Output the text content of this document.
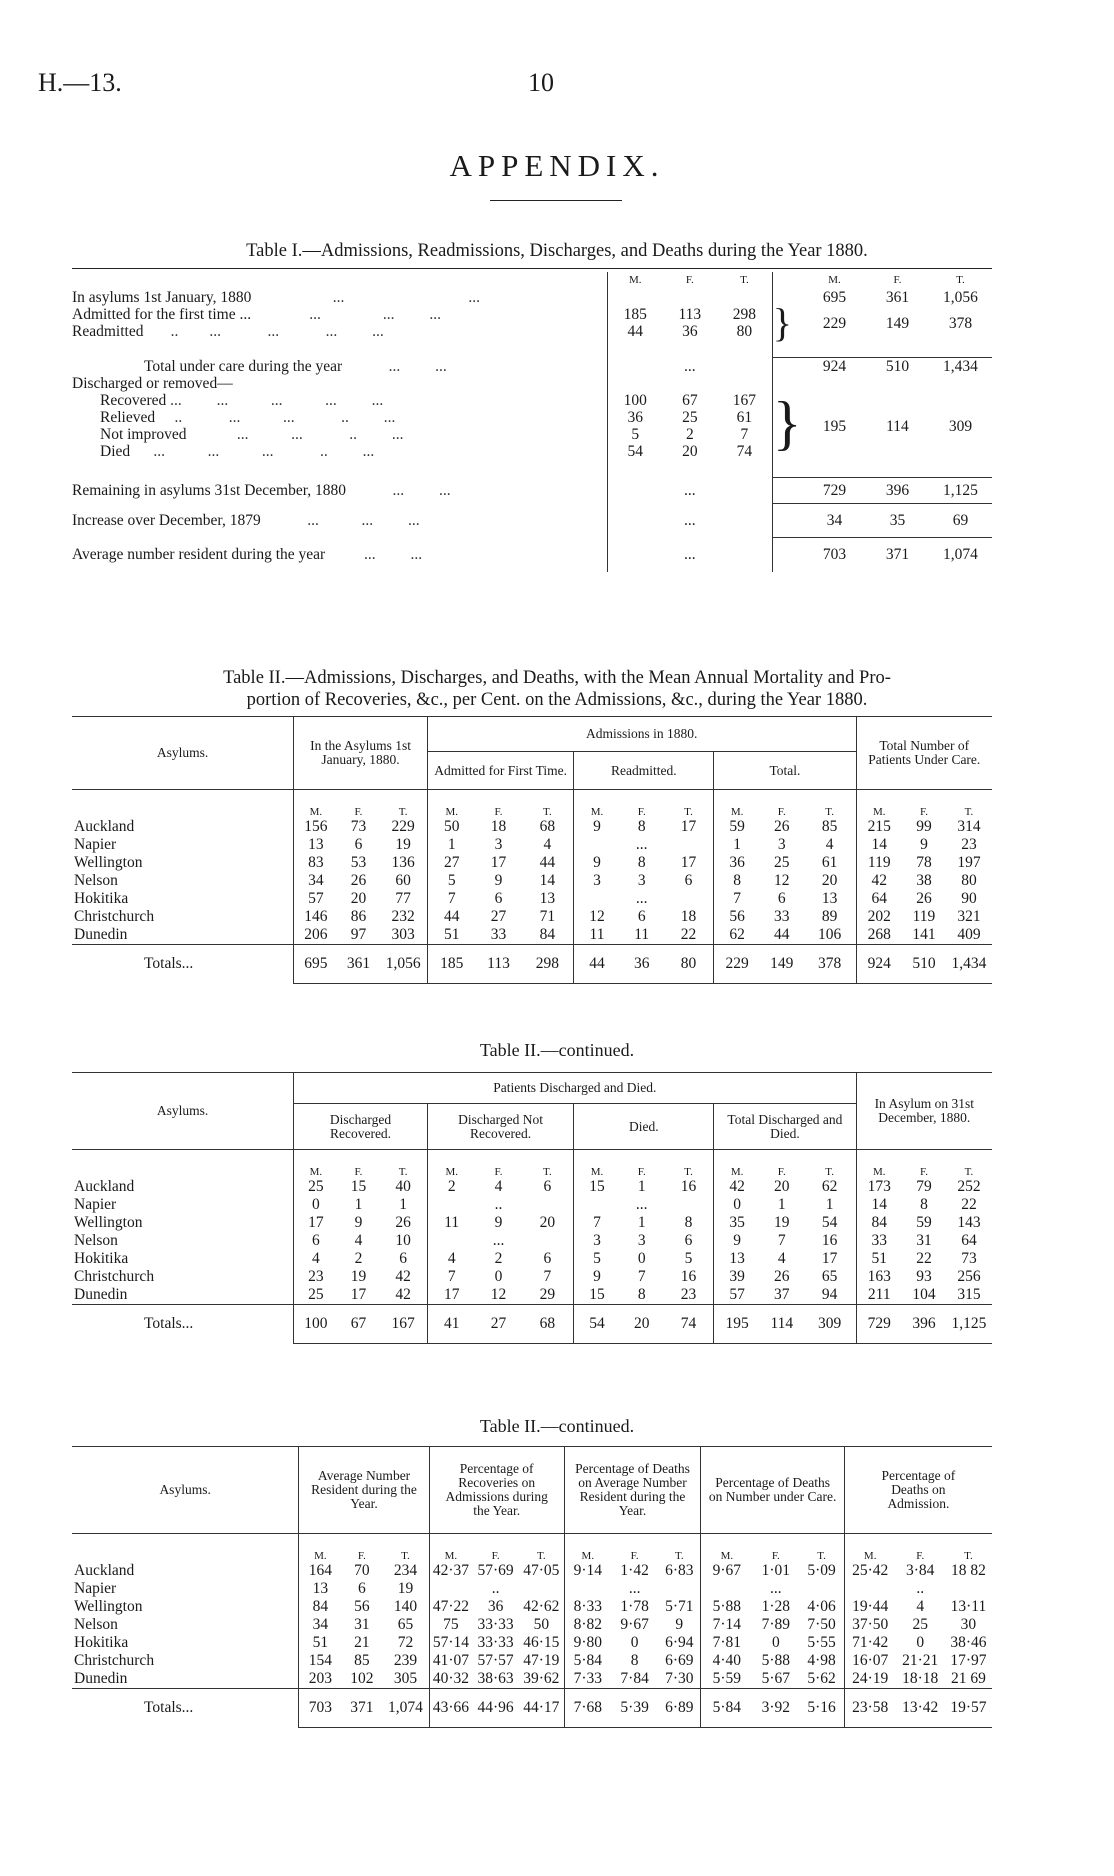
H.—13.	10
APPENDIX.
Table I.—Admissions, Readmissions, Discharges, and Deaths during the Year 1880.
	M.	F.	T.		M.	F.	T.
In asylums 1st January, 1880                     ...                                ...					695	361	1,056
Admitted for the first time ...               ...                ...         ...	185	113	298	}	229	149	378
Readmitted       ..        ...            ...            ...         ...	44	36	80				

Total under care during the year            ...         ...		...			924	510	1,434
Discharged or removed—							
Recovered ...         ...           ...           ...         ...	100	67	167	}	195	114	309
Relieved     ..            ...           ...            ..         ...	36	25	61				
Not improved             ...           ...            ..         ...	5	2	7				
Died      ...           ...           ...            ..         ...	54	20	74				

Remaining in asylums 31st December, 1880            ...         ...		...			729	396	1,125
Increase over December, 1879            ...           ...         ...		...			34	35	69
Average number resident during the year          ...         ...		...			703	371	1,074
Table II.—Admissions, Discharges, and Deaths, with the Mean Annual Mortality and Pro-
portion of Recoveries, &c., per Cent. on the Admissions, &c., during the Year 1880.
Asylums.	In the Asylums 1st January, 1880.			Admissions in 1880.									Total Number of Patients Under Care.		
				Admitted for First Time.			Readmitted.			Total.					
	M.	F.	T.	M.	F.	T.	M.	F.	T.	M.	F.	T.	M.	F.	T.
Auckland	156	73	229	50	18	68	9	8	17	59	26	85	215	99	314
Napier	13	6	19	1	3	4		...		1	3	4	14	9	23
Wellington	83	53	136	27	17	44	9	8	17	36	25	61	119	78	197
Nelson	34	26	60	5	9	14	3	3	6	8	12	20	42	38	80
Hokitika	57	20	77	7	6	13		...		7	6	13	64	26	90
Christchurch	146	86	232	44	27	71	12	6	18	56	33	89	202	119	321
Dunedin	206	97	303	51	33	84	11	11	22	62	44	106	268	141	409
Totals...	695	361	1,056	185	113	298	44	36	80	229	149	378	924	510	1,434
Table II.—continued.
Asylums.	Patients Discharged and Died.												In Asylum on 31st December, 1880.		
	Discharged Recovered.			Discharged Not Recovered.			Died.			Total Discharged and Died.					
	M.	F.	T.	M.	F.	T.	M.	F.	T.	M.	F.	T.	M.	F.	T.
Auckland	25	15	40	2	4	6	15	1	16	42	20	62	173	79	252
Napier	0	1	1		..			...		0	1	1	14	8	22
Wellington	17	9	26	11	9	20	7	1	8	35	19	54	84	59	143
Nelson	6	4	10		...		3	3	6	9	7	16	33	31	64
Hokitika	4	2	6	4	2	6	5	0	5	13	4	17	51	22	73
Christchurch	23	19	42	7	0	7	9	7	16	39	26	65	163	93	256
Dunedin	25	17	42	17	12	29	15	8	23	57	37	94	211	104	315
Totals...	100	67	167	41	27	68	54	20	74	195	114	309	729	396	1,125
Table II.—continued.
Asylums.	Average Number Resident during the Year.			Percentage of Recoveries on Admissions during the Year.			Percentage of Deaths on Average Number Resident during the Year.			Percentage of Deaths on Number under Care.			Percentage of Deaths on Admission.		
	M.	F.	T.	M.	F.	T.	M.	F.	T.	M.	F.	T.	M.	F.	T.
Auckland	164	70	234	42·37	57·69	47·05	9·14	1·42	6·83	9·67	1·01	5·09	25·42	3·84	18 82
Napier	13	6	19		..			...			...			..	
Wellington	84	56	140	47·22	36	42·62	8·33	1·78	5·71	5·88	1·28	4·06	19·44	4	13·11
Nelson	34	31	65	75	33·33	50	8·82	9·67	9	7·14	7·89	7·50	37·50	25	30
Hokitika	51	21	72	57·14	33·33	46·15	9·80	0	6·94	7·81	0	5·55	71·42	0	38·46
Christchurch	154	85	239	41·07	57·57	47·19	5·84	8	6·69	4·40	5·88	4·98	16·07	21·21	17·97
Dunedin	203	102	305	40·32	38·63	39·62	7·33	7·84	7·30	5·59	5·67	5·62	24·19	18·18	21 69
Totals...	703	371	1,074	43·66	44·96	44·17	7·68	5·39	6·89	5·84	3·92	5·16	23·58	13·42	19·57
